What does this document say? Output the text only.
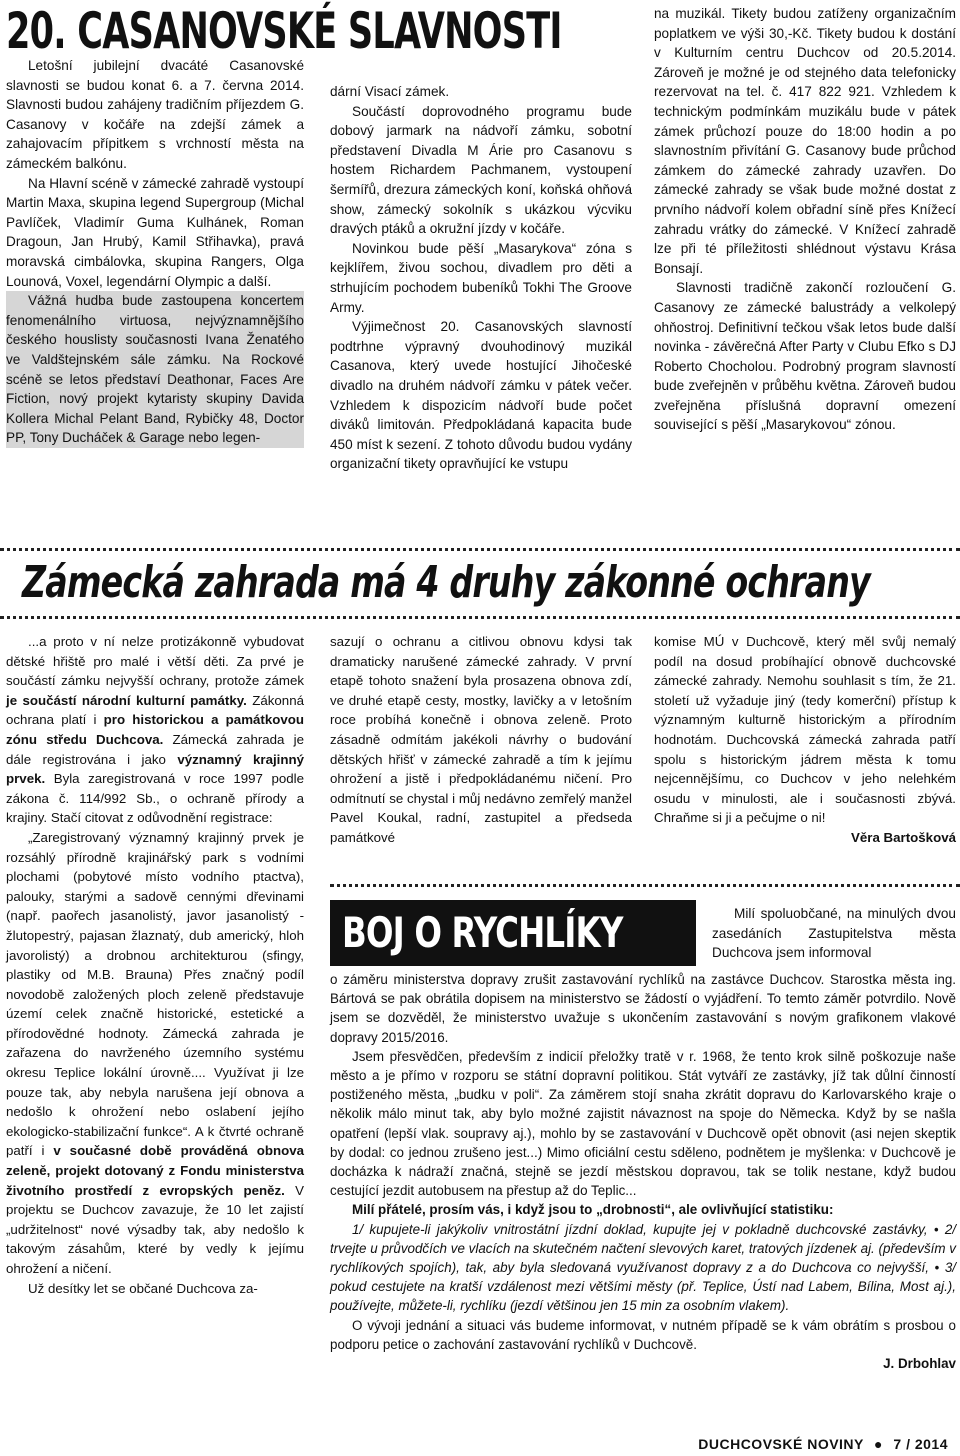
20. CASANOVSKÉ SLAVNOSTI

Letošní jubilejní dvacáté Casanovské slavnosti se budou konat 6. a 7. června 2014. Slavnosti budou zahájeny tradičním příjezdem G. Casanovy v kočáře na zdejší zámek a zahajovacím přípitkem s vrchností města na zámeckém balkónu.

Na Hlavní scéně v zámecké zahradě vystoupí Martin Maxa, skupina legend Supergroup (Michal Pavlíček, Vladimír Guma Kulhánek, Roman Dragoun, Jan Hrubý, Kamil Střihavka), pravá moravská cimbálovka, skupina Rangers, Olga Lounová, Voxel, legendární Olympic a další.

Vážná hudba bude zastoupena koncertem fenomenálního virtuosa, nejvýznamnějšího českého houslisty současnosti Ivana Ženatého ve Valdštejnském sále zámku. Na Rockové scéně se letos představí Deathonar, Faces Are Fiction, nový projekt kytaristy skupiny Davida Kollera Michal Pelant Band, Rybičky 48, Doctor PP, Tony Ducháček & Garage nebo legen-

dární Visací zámek.

Součástí doprovodného programu bude dobový jarmark na nádvoří zámku, sobotní představení Divadla M Árie pro Casanovu s hostem Richardem Pachmanem, vystoupení šermířů, drezura zámeckých koní, koňská ohňová show, zámecký sokolník s ukázkou výcviku dravých ptáků a okružní jízdy v kočáře.

Novinkou bude pěší „Masarykova“ zóna s kejklířem, živou sochou, divadlem pro děti a strhujícím pochodem bubeníků Tokhi The Groove Army.

Výjimečnost 20. Casanovských slavností podtrhne výpravný dvouhodinový muzikál Casanova, který uvede hostující Jihočeské divadlo na druhém nádvoří zámku v pátek večer. Vzhledem k dispozicím nádvoří bude počet diváků limitován. Předpokládaná kapacita bude 450 míst k sezení. Z tohoto důvodu budou vydány organizační tikety opravňující ke vstupu

na muzikál. Tikety budou zatíženy organizačním poplatkem ve výši 30,-Kč. Tikety budou k dostání v Kulturním centru Duchcov od 20.5.2014. Zároveň je možné je od stejného data telefonicky rezervovat na tel. č. 417 822 921. Vzhledem k technickým podmínkám muzikálu bude v pátek zámek průchozí pouze do 18:00 hodin a po slavnostním přivítání G. Casanovy bude průchod zámkem do zámecké zahrady uzavřen. Do zámecké zahrady se však bude možné dostat z prvního nádvoří kolem obřadní síně přes Knížecí zahradu vrátky do zámecké. V Knížecí zahradě lze při té příležitosti shlédnout výstavu Krása Bonsají.

Slavnosti tradičně zakončí rozloučení G. Casanovy ze zámecké balustrády a velkolepý ohňostroj. Definitivní tečkou však letos bude další novinka - závěrečná After Party v Clubu Efko s DJ Roberto Chocholou. Podrobný program slavností bude zveřejněn v průběhu května. Zároveň budou zveřejněna příslušná dopravní omezení související s pěší „Masarykovou“ zónou.

Zámecká zahrada má 4 druhy zákonné ochrany

...a proto v ní nelze protizákonně vybudovat dětské hřiště pro malé i větší děti. Za prvé je součástí zámku nejvyšší ochrany, protože zámek je součástí národní kulturní památky. Zákonná ochrana platí i pro historickou a památkovou zónu středu Duchcova. Zámecká zahrada je dále registrována i jako významný krajinný prvek. Byla zaregistrovaná v roce 1997 podle zákona č. 114/992 Sb., o ochraně přírody a krajiny. Stačí citovat z odůvodnění registrace:

„Zaregistrovaný významný krajinný prvek je rozsáhlý přírodně krajinářský park s vodními plochami (pobytové místo vodního ptactva), palouky, starými a sadově cennými dřevinami (např. paořech jasanolistý, javor jasanolistý - žlutopestrý, pajasan žlaznatý, dub americký, hloh javorolistý) a drobnou architekturou (sfingy, plastiky od M.B. Brauna) Přes značný podíl novodobě založených ploch zeleně představuje území celek značně historické, estetické a přírodovědné hodnoty. Zámecká zahrada je zařazena do navrženého územního systému okresu Teplice lokální úrovně.... Využívat ji lze pouze tak, aby nebyla narušena její obnova a nedošlo k ohrožení nebo oslabení jejího ekologicko-stabilizační funkce“. A k čtvrté ochraně patří i v současné době prováděná obnova zeleně, projekt dotovaný z Fondu ministerstva životního prostředí z evropských peněz. V projektu se Duchcov zavazuje, že 10 let zajistí „udržitelnost“ nové výsadby tak, aby nedošlo k takovým zásahům, které by vedly k jejímu ohrožení a ničení.

Už desítky let se občané Duchcova za-

sazují o ochranu a citlivou obnovu kdysi tak dramaticky narušené zámecké zahrady. V první etapě tohoto snažení byla prosazena obnova zdí, ve druhé etapě cesty, mostky, lavičky a v letošním roce probíhá konečně i obnova zeleně. Proto zásadně odmítám jakékoli návrhy o budování dětských hřišť v zámecké zahradě a tím k jejímu ohrožení a jistě i předpokládanému ničení. Pro odmítnutí se chystal i můj nedávno zemřelý manžel Pavel Koukal, radní, zastupitel a předseda památkové

komise MÚ v Duchcově, který měl svůj nemalý podíl na dosud probíhající obnově duchcovské zámecké zahrady. Nemohu souhlasit s tím, že 21. století už vyžaduje jiný (tedy komerční) přístup k významným kulturně historickým a přírodním hodnotám. Duchcovská zámecká zahrada patří spolu s historickým jádrem města k tomu nejcennějšímu, co Duchcov v jeho nelehkém osudu v minulosti, ale i současnosti zbývá. Chraňme si ji a pečujme o ni!

Věra Bartošková
BOJ O RYCHLÍKY	Milí spoluobčané, na minulých dvou zasedáních Zastupitelstva města Duchcova jsem informoval

o záměru ministerstva dopravy zrušit zastavování rychlíků na zastávce Duchcov. Starostka města ing. Bártová se pak obrátila dopisem na ministerstvo se žádostí o vyjádření. To temto záměr potvrdilo. Nově jsem se dozvěděl, že ministerstvo uvažuje s ukončením zastavování s novým grafikonem vlakové dopravy 2015/2016.

Jsem přesvědčen, především z indicií přeložky tratě v r. 1968, že tento krok silně poškozuje naše město a je přímo v rozporu se státní dopravní politikou. Stát vytváří ze zastávky, jíž tak důlní činností postiženého města, „budku v poli“. Za záměrem stojí snaha zkrátit dopravu do Karlovarského kraje o několik málo minut tak, aby bylo možné zajistit návaznost na spoje do Německa. Když by se našla opatření (lepší vlak. soupravy aj.), mohlo by se zastavování v Duchcově opět obnovit (asi nejen skeptik by dodal: co jednou zrušeno jest...) Mimo oficiální cestu sděleno, podnětem je myšlenka: v Duchcově je docházka k nádraží značná, stejně se jezdí městskou dopravou, tak se tolik nestane, když budou cestující jezdit autobusem na přestup až do Teplic...

Milí přátelé, prosím vás, i když jsou to „drobnosti“, ale ovlivňující statistiku:

1/ kupujete-li jakýkoliv vnitrostátní jízdní doklad, kupujte jej v pokladně duchcovské zastávky, • 2/ trvejte u průvodčích ve vlacích na skutečném načtení slevových karet, tratových jízdenek aj. (především v rychlíkových spojích), tak, aby byla sledovaná využívanost dopravy z a do Duchcova co nejvyšší, • 3/ pokud cestujete na kratší vzdálenost mezi většími městy (př. Teplice, Ústí nad Labem, Bílina, Most aj.), používejte, můžete-li, rychlíku (jezdí většinou jen 15 min za osobním vlakem).

O vývoji jednání a situaci vás budeme informovat, v nutném případě se k vám obrátím s prosbou o podporu petice o zachování zastavování rychlíků v Duchcově.

J. Drbohlav
DUCHCOVSKÉ NOVINY ● 7 / 2014
